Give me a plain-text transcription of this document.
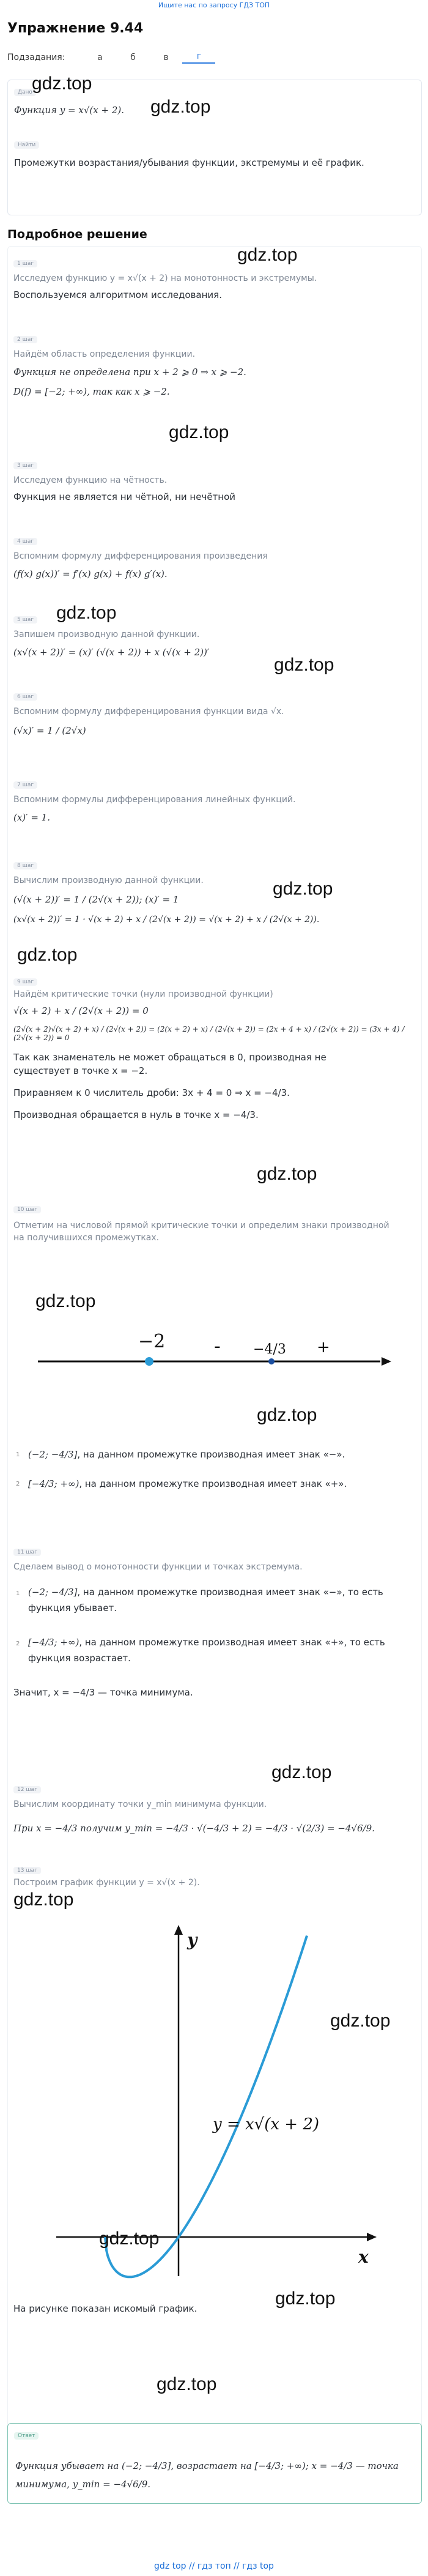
Ищите нас по запросу ГДЗ ТОП
Упражнение 9.44
Подзадания:	а	б	в	г
Дано
Функция y = x√(x + 2).
Найти
Промежутки возрастания/убывания функции, экстремумы и её график.
gdz.top
gdz.top
Подробное решение
1 шаг
Исследуем функцию y = x√(x + 2) на монотонность и экстремумы.
Воспользуемся алгоритмом исследования.
gdz.top
2 шаг
Найдём область определения функции.
Функция не определена при x + 2 ⩾ 0 ⇒ x ⩾ −2.
D(f) = [−2; +∞), так как x ⩾ −2.
gdz.top
3 шаг
Исследуем функцию на чётность.
Функция не является ни чётной, ни нечётной
4 шаг
Вспомним формулу дифференцирования произведения
(f(x) g(x))′ = f′(x) g(x) + f(x) g′(x).
gdz.top
5 шаг
Запишем производную данной функции.
(x√(x + 2))′ = (x)′ (√(x + 2)) + x (√(x + 2))′
gdz.top
6 шаг
Вспомним формулу дифференцирования функции вида √x.
(√x)′ = 1 / (2√x)
7 шаг
Вспомним формулы дифференцирования линейных функций.
(x)′ = 1.
8 шаг
Вычислим производную данной функции.
(√(x + 2))′ = 1 / (2√(x + 2)); (x)′ = 1
(x√(x + 2))′ = 1 · √(x + 2) + x / (2√(x + 2)) = √(x + 2) + x / (2√(x + 2)).
gdz.top
gdz.top
9 шаг
Найдём критические точки (нули производной функции)
√(x + 2) + x / (2√(x + 2)) = 0
(2√(x + 2)√(x + 2) + x) / (2√(x + 2)) = (2(x + 2) + x) / (2√(x + 2)) = (2x + 4 + x) / (2√(x + 2)) = (3x + 4) / (2√(x + 2)) = 0
Так как знаменатель не может обращаться в 0, производная не существует в точке x = −2.
Приравняем к 0 числитель дроби: 3x + 4 = 0 ⇒ x = −4/3.
Производная обращается в нуль в точке x = −4/3.
gdz.top
10 шаг
Отметим на числовой прямой критические точки и определим знаки производной на получившихся промежутках.
gdz.top
−2	- −4/3 +
gdz.top
1 (−2; −4/3] , на данном промежутке производная имеет знак «−».
2 [−4/3; +∞) , на данном промежутке производная имеет знак «+».
11 шаг
Сделаем вывод о монотонности функции и точках экстремума.
1 (−2; −4/3], на данном промежутке производная имеет знак «−», то есть функция убывает.
2 [−4/3; +∞), на данном промежутке производная имеет знак «+», то есть функция возрастает.
Значит, x = −4/3 — точка минимума.
gdz.top
12 шаг
Вычислим координату точки y_min минимума функции.
При x = −4/3 получим y_min = −4/3 · √(−4/3 + 2) = −4/3 · √(2/3) = −4√6/9.
13 шаг
Построим график функции y = x√(x + 2).
gdz.top
gdz.top
y
x
y = x√(x + 2)
gdz.top
gdz.top
На рисунке показан искомый график.
gdz.top
Ответ
Функция убывает на (−2; −4/3], возрастает на [−4/3; +∞); x = −4/3 — точка минимума, y_min = −4√6/9.
gdz top // гдз топ // гдз top
